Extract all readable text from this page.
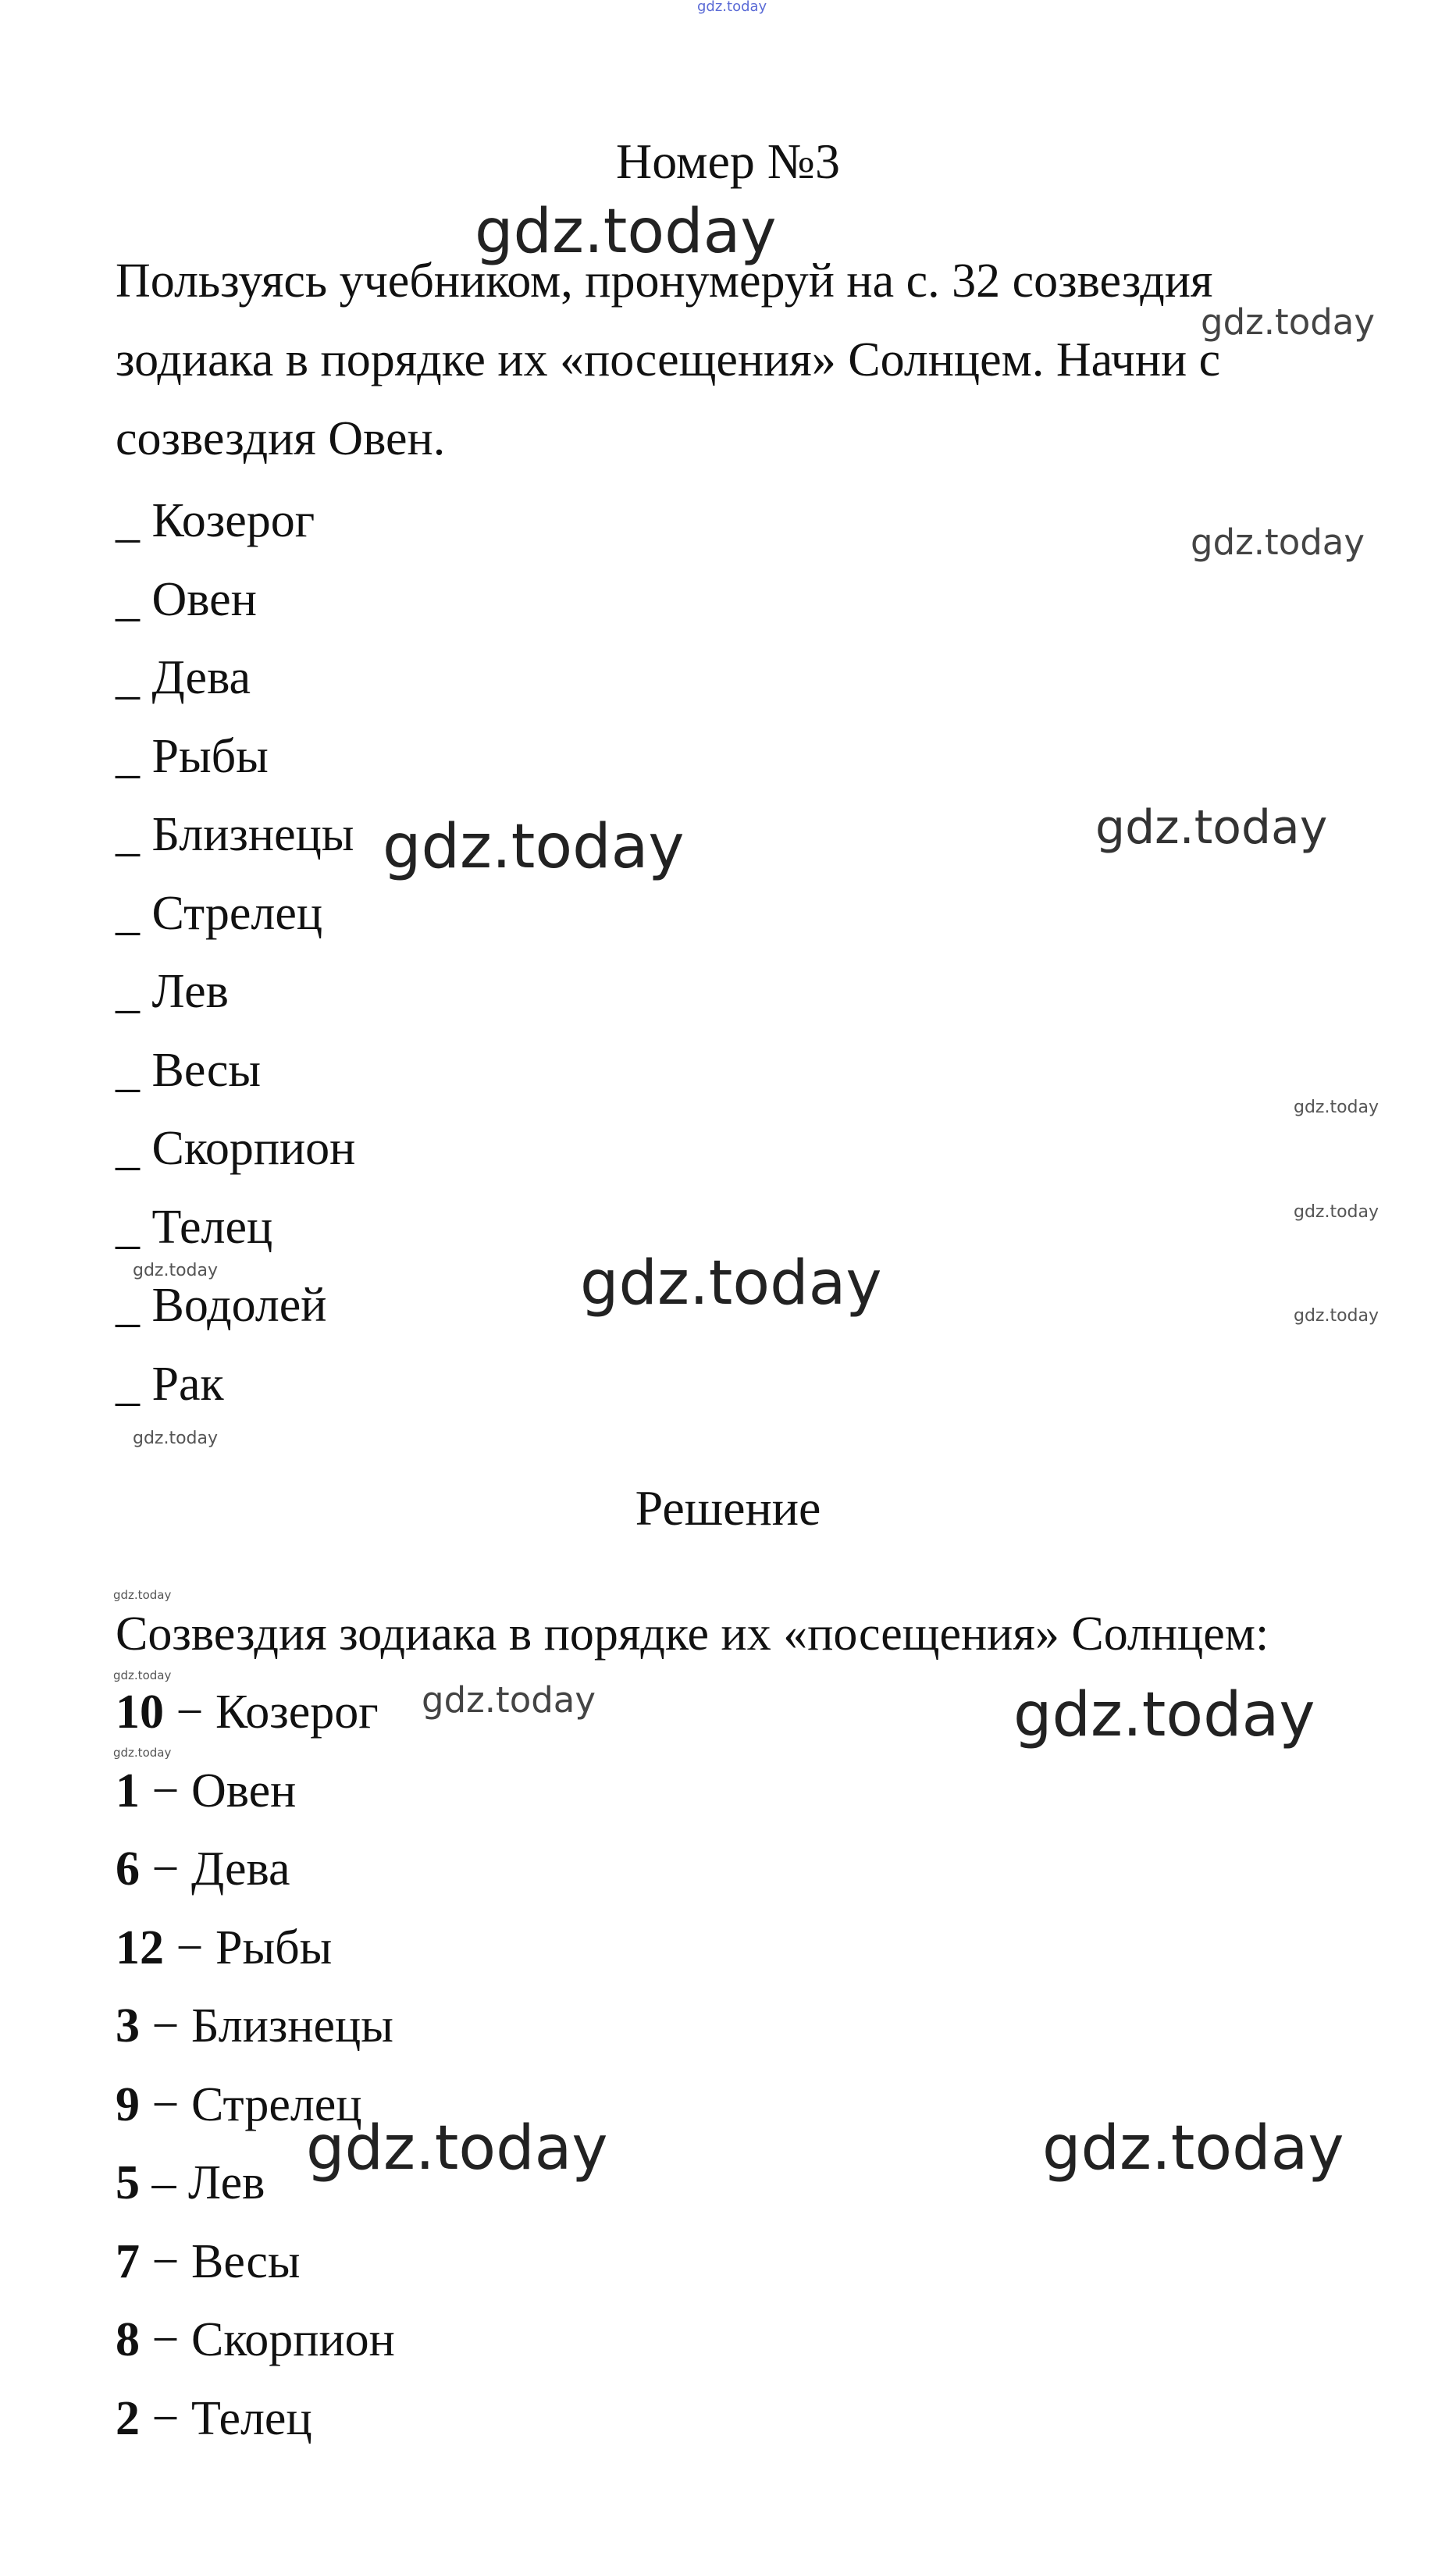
gdz.today
Номер №3
gdz.today

Пользуясь учебником, пронумеруй на с. 32 созвездия

зодиака в порядке их «посещения» Солнцем. Начни с

созвездия Овен.

gdz.today
gdz.today
_ Козерог
_ Овен
_ Дева
_ Рыбы
_ Близнецы
_ Стрелец
_ Лев
_ Весы
_ Скорпион
_ Телец
_ Водолей
_ Рак
gdz.today	gdz.today
gdz.today
gdz.today
gdz.today	gdz.today	gdz.today
gdz.today
Решение
gdz.today
Созвездия зодиака в порядке их «посещения» Солнцем:
gdz.today
gdz.today
10 − Козерог
1 − Овен
6 − Дева
12 − Рыбы
3 − Близнецы
9 − Стрелец
5 – Лев
7 − Весы
8 − Скорпион
2 − Телец
gdz.today	gdz.today
gdz.today	gdz.today
